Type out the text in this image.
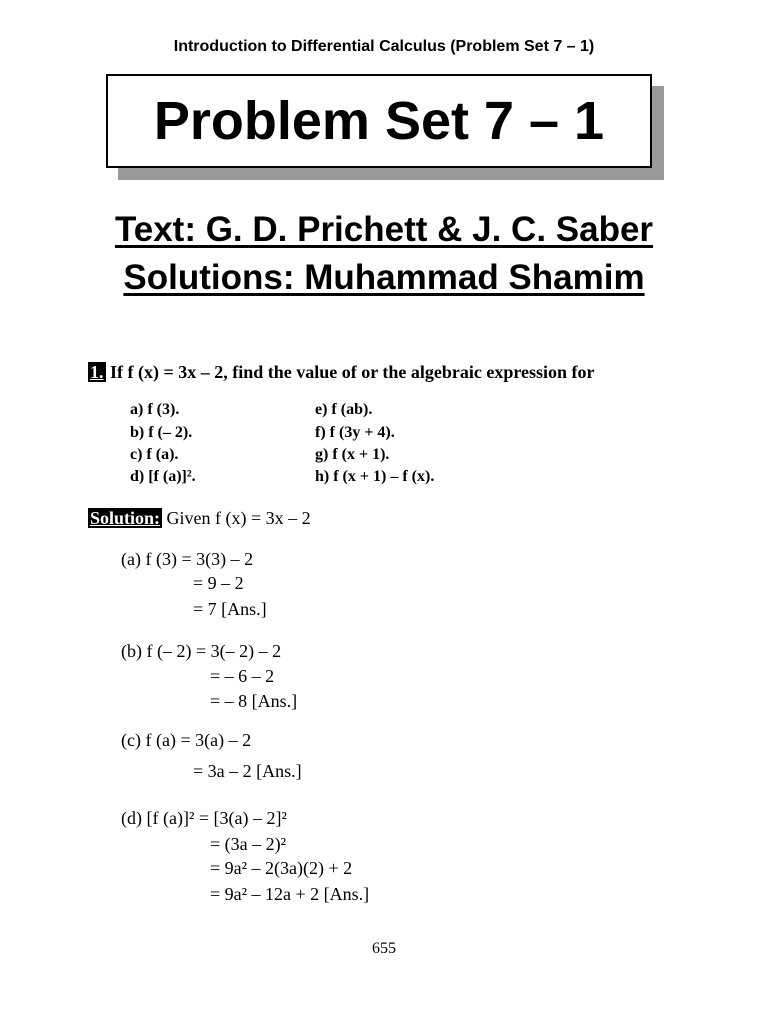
Introduction to Differential Calculus (Problem Set 7 – 1)
Problem Set 7 – 1
Text: G. D. Prichett & J. C. Saber
Solutions: Muhammad Shamim
1. If f (x) = 3x – 2, find the value of or the algebraic expression for
a) f (3).
b) f (– 2).
c) f (a).
d) [f (a)]².
e) f (ab).
f) f (3y + 4).
g) f (x + 1).
h) f (x + 1) – f (x).
Solution: Given f (x) = 3x – 2
(a) f (3) = 3(3) – 2
= 9 – 2
= 7 [Ans.]
(b) f (– 2) = 3(– 2) – 2
= – 6 – 2
= – 8 [Ans.]
(c) f (a) = 3(a) – 2
= 3a – 2 [Ans.]
(d) [f (a)]² = [3(a) – 2]²
= (3a – 2)²
= 9a² – 2(3a)(2) + 2
= 9a² – 12a + 2 [Ans.]
655
